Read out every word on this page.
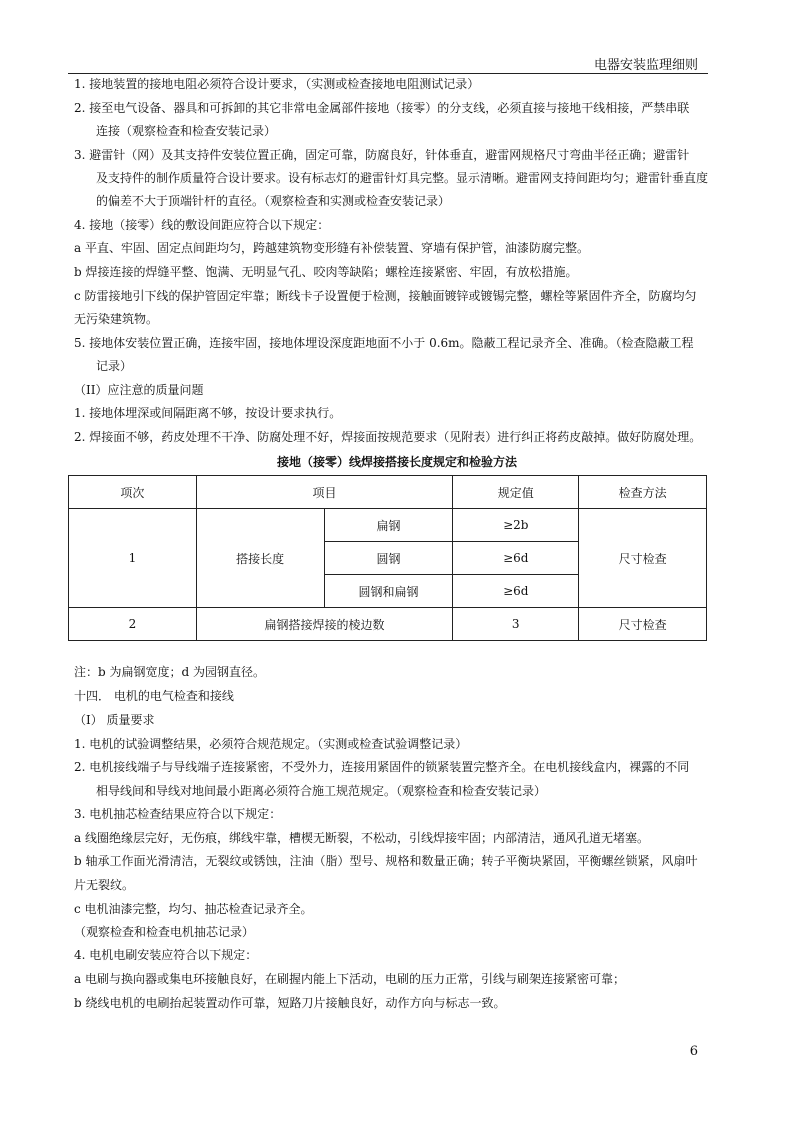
电器安装监理细则
1. 接地装置的接地电阻必须符合设计要求，（实测或检查接地电阻测试记录）
2. 接至电气设备、器具和可拆卸的其它非常电金属部件接地（接零）的分支线，必须直接与接地干线相接，严禁串联
连接（观察检查和检查安装记录）
3. 避雷针（网）及其支持件安装位置正确，固定可靠，防腐良好，针体垂直，避雷网规格尺寸弯曲半径正确；避雷针
及支持件的制作质量符合设计要求。设有标志灯的避雷针灯具完整。显示清晰。避雷网支持间距均匀；避雷针垂直度
的偏差不大于顶端针杆的直径。（观察检查和实测或检查安装记录）
4. 接地（接零）线的敷设间距应符合以下规定：
a 平直、牢固、固定点间距均匀，跨越建筑物变形缝有补偿装置、穿墙有保护管，油漆防腐完整。
b 焊接连接的焊缝平整、饱满、无明显气孔、咬肉等缺陷；螺栓连接紧密、牢固，有放松措施。
c 防雷接地引下线的保护管固定牢靠；断线卡子设置便于检测，接触面镀锌或镀锡完整，螺栓等紧固件齐全，防腐均匀
无污染建筑物。
5. 接地体安装位置正确，连接牢固，接地体埋设深度距地面不小于 0.6m。隐蔽工程记录齐全、准确。（检查隐蔽工程
记录）
（II）应注意的质量问题
1. 接地体埋深或间隔距离不够，按设计要求执行。
2. 焊接面不够，药皮处理不干净、防腐处理不好，焊接面按规范要求（见附表）进行纠正将药皮敲掉。做好防腐处理。
接地（接零）线焊接搭接长度规定和检验方法
项次	项目		规定值	检查方法
1	搭接长度	扁钢	≥2b	尺寸检查
		圆钢	≥6d	
		圆钢和扁钢	≥6d	
2	扁钢搭接焊接的棱边数		3	尺寸检查
注：b 为扁钢宽度；d 为园钢直径。
十四． 电机的电气检查和接线
（I） 质量要求
1. 电机的试验调整结果，必须符合规范规定。（实测或检查试验调整记录）
2. 电机接线端子与导线端子连接紧密，不受外力，连接用紧固件的锁紧装置完整齐全。在电机接线盒内，裸露的不同
相导线间和导线对地间最小距离必须符合施工规范规定。（观察检查和检查安装记录）
3. 电机抽芯检查结果应符合以下规定：
a 线圈绝缘层完好，无伤痕，绑线牢靠，槽楔无断裂，不松动，引线焊接牢固；内部清洁，通风孔道无堵塞。
b 轴承工作面光滑清洁，无裂纹或锈蚀，注油（脂）型号、规格和数量正确；转子平衡块紧固，平衡螺丝锁紧，风扇叶
片无裂纹。
c 电机油漆完整，均匀、抽芯检查记录齐全。
（观察检查和检查电机抽芯记录）
4. 电机电刷安装应符合以下规定：
a 电刷与换向器或集电环接触良好，在刷握内能上下活动，电刷的压力正常，引线与刷架连接紧密可靠；
b 绕线电机的电刷抬起装置动作可靠，短路刀片接触良好，动作方向与标志一致。
6
